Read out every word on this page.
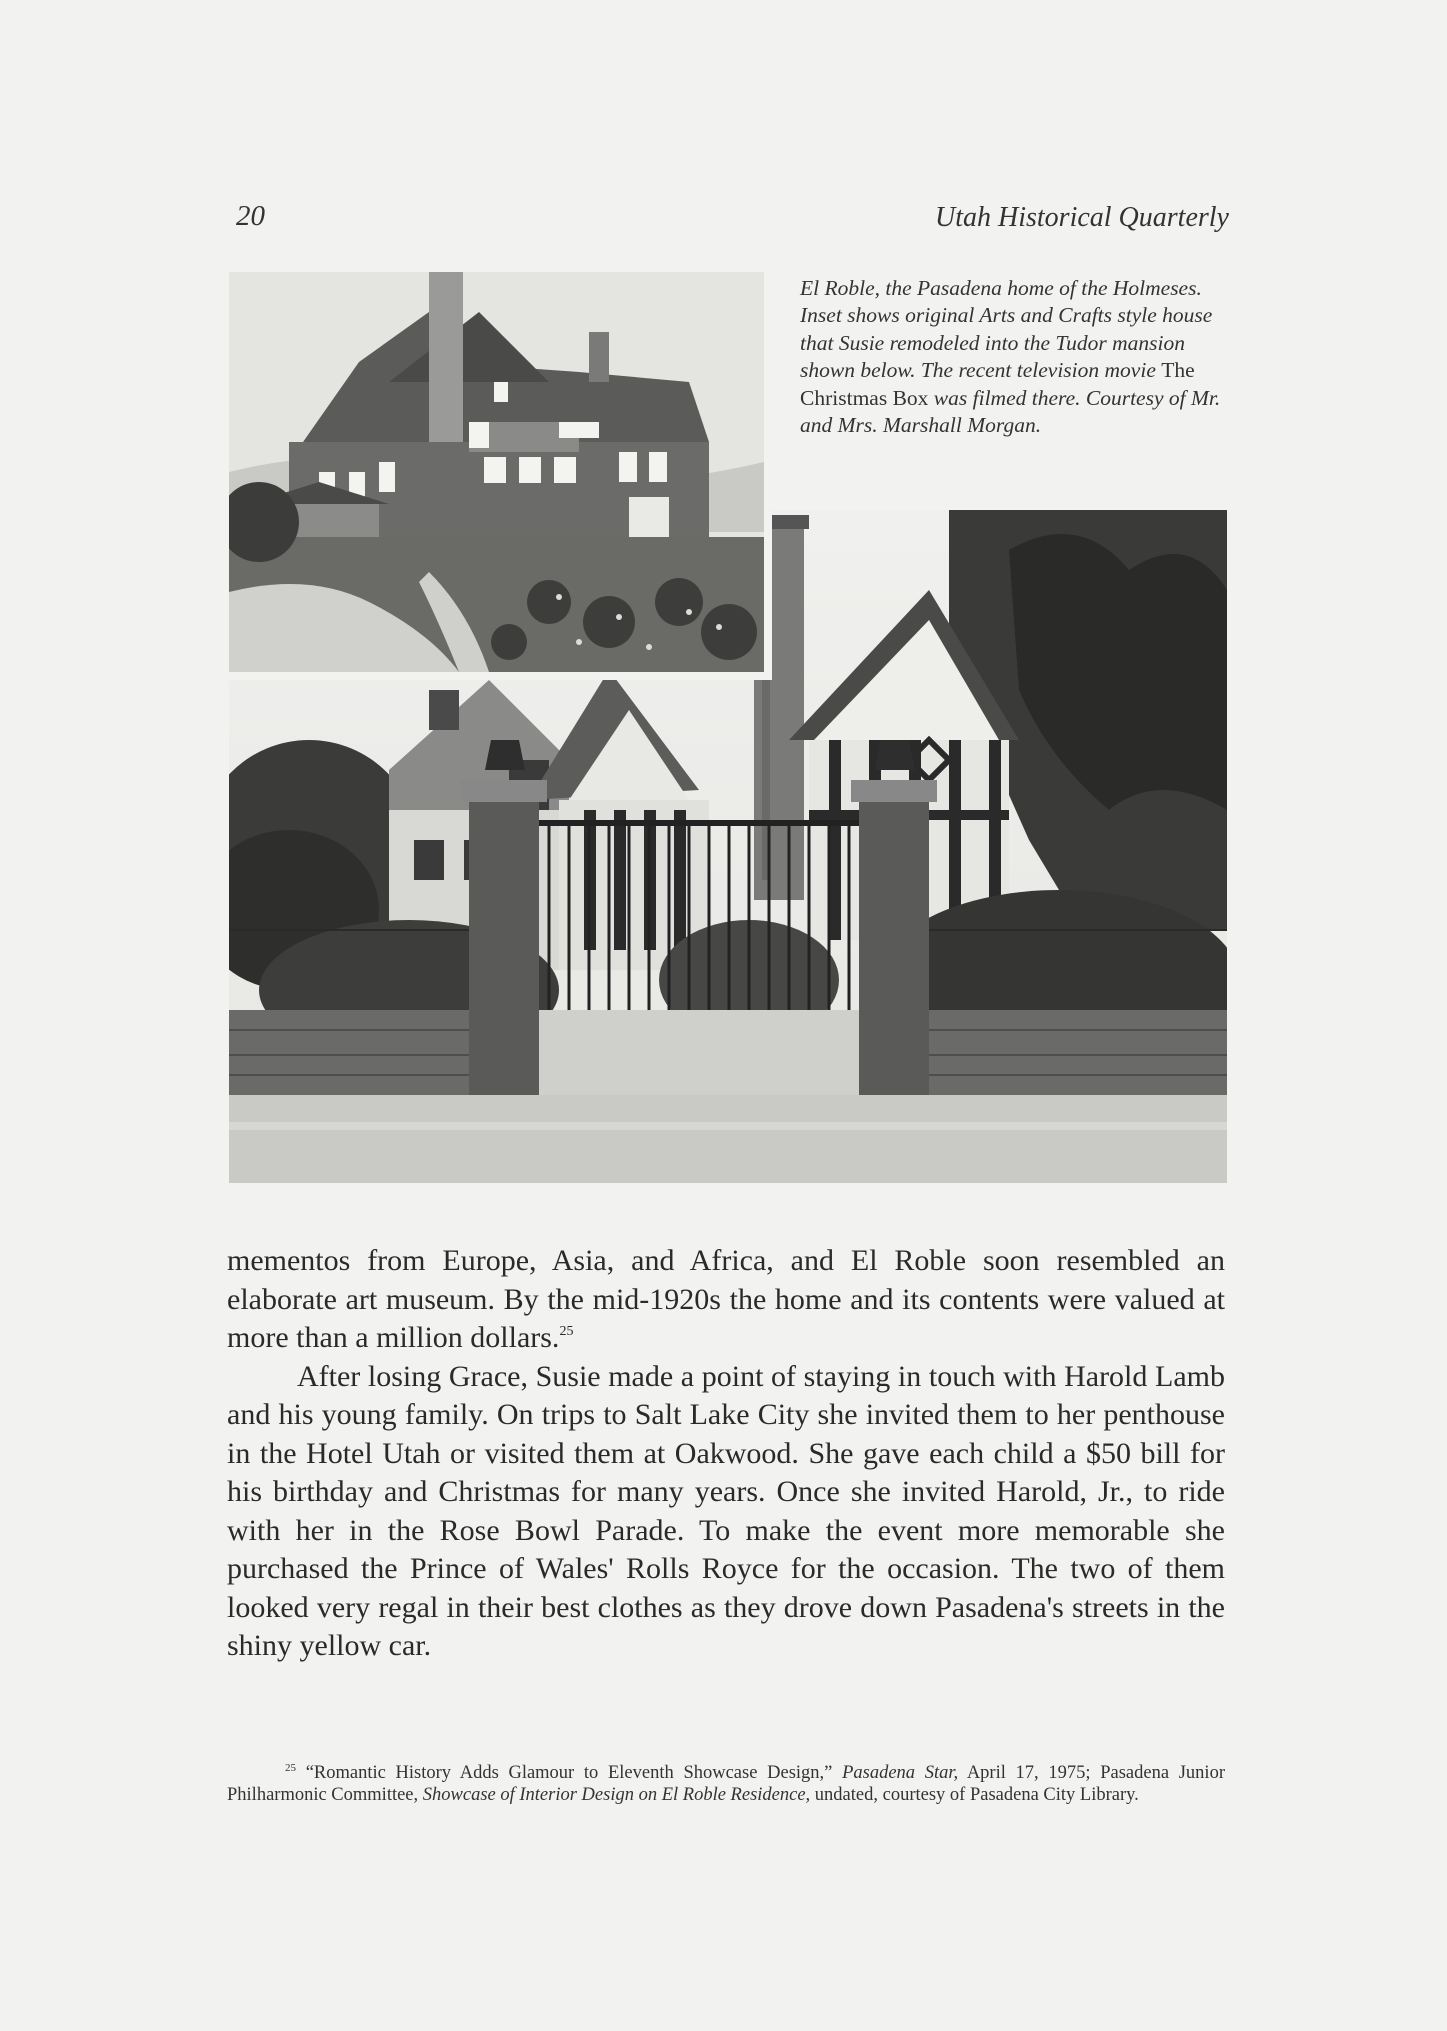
20	Utah Historical Quarterly
El Roble, the Pasadena home of the Holmeses. Inset shows original Arts and Crafts style house that Susie remodeled into the Tudor mansion shown below. The recent television movie The Christmas Box was filmed there. Courtesy of Mr. and Mrs. Marshall Morgan.

mementos from Europe, Asia, and Africa, and El Roble soon resembled an elaborate art museum. By the mid-1920s the home and its contents were valued at more than a million dollars.$^{25}$

After losing Grace, Susie made a point of staying in touch with Harold Lamb and his young family. On trips to Salt Lake City she invited them to her penthouse in the Hotel Utah or visited them at Oakwood. She gave each child a $50 bill for his birthday and Christmas for many years. Once she invited Harold, Jr., to ride with her in the Rose Bowl Parade. To make the event more memorable she purchased the Prince of Wales' Rolls Royce for the occasion. The two of them looked very regal in their best clothes as they drove down Pasadena's streets in the shiny yellow car.

$^{25}$ “Romantic History Adds Glamour to Eleventh Showcase Design,” Pasadena Star, April 17, 1975; Pasadena Junior Philharmonic Committee, Showcase of Interior Design on El Roble Residence, undated, courtesy of Pasadena City Library.
